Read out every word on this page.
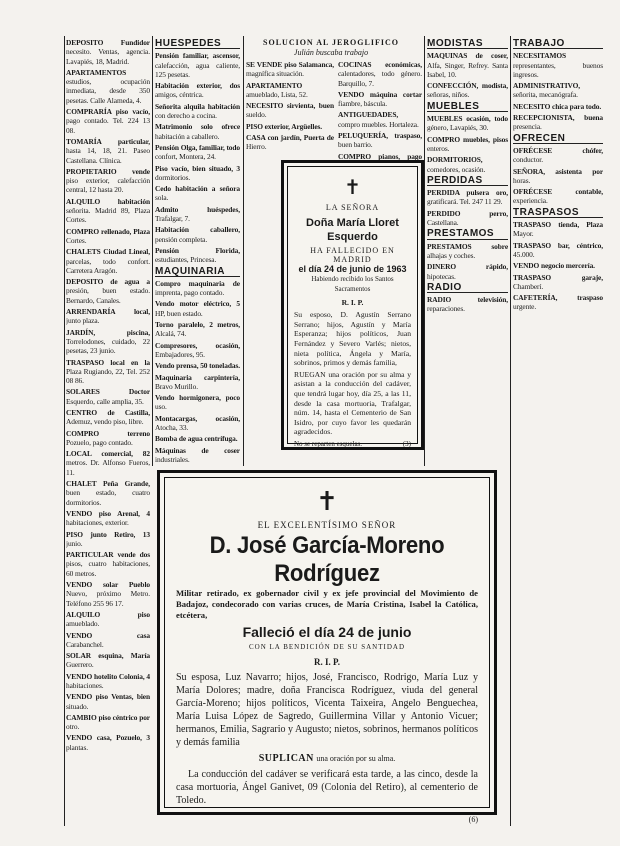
DEPOSITO Fundidor necesito. Ventas, agencia. Lavapiés, 18, Madrid.

APARTAMENTOS estudios, ocupación inmediata, desde 350 pesetas. Calle Alameda, 4.

COMPRARÍA piso vacío, pago contado. Tel. 224 13 08.

TOMARÍA particular, hasta 14, 18, 21. Paseo Castellana. Clínica.

PROPIETARIO vende piso exterior, calefacción central, 12 hasta 20.

ALQUILO habitación señorita. Madrid 89, Plaza Cortes.

COMPRO rellenado, Plaza Cortes.

CHALETS Ciudad Lineal, parcelas, todo confort. Carretera Aragón.

DEPOSITO de agua a presión, buen estado. Bernardo, Canales.

ARRENDARÍA local, junto plaza.

JARDÍN, piscina, Torrelodones, cuidado, 22 pesetas, 23 junio.

TRASPASO local en la Plaza Rugiando, 22, Tel. 252 08 86.

SOLARES Doctor Esquerdo, calle amplia, 35.

CENTRO de Castilla, Ademuz, vendo piso, libre.

COMPRO terreno Pozuelo, pago contado.

LOCAL comercial, 82 metros. Dr. Alfonso Fueros, 11.

CHALET Peña Grande, buen estado, cuatro dormitorios.

VENDO piso Arenal, 4 habitaciones, exterior.

PISO junto Retiro, 13 junio.

PARTICULAR vende dos pisos, cuatro habitaciones, 60 metros.

VENDO solar Pueblo Nuevo, próximo Metro. Teléfono 255 96 17.

ALQUILO piso amueblado.

VENDO casa Carabanchel.

SOLAR esquina, María Guerrero.

VENDO hotelito Colonia, 4 habitaciones.

VENDO piso Ventas, bien situado.

CAMBIO piso céntrico por otro.

VENDO casa, Pozuelo, 3 plantas.

HUESPEDES

Pensión familiar, ascensor, calefacción, agua caliente, 125 pesetas.

Habitación exterior, dos amigos, céntrica.

Señorita alquila habitación con derecho a cocina.

Matrimonio solo ofrece habitación a caballero.

Pensión Olga, familiar, todo confort, Montera, 24.

Piso vacío, bien situado, 3 dormitorios.

Cedo habitación a señora sola.

Admito huéspedes, Trafalgar, 7.

Habitación caballero, pensión completa.

Pensión Florida, estudiantes, Princesa.

MAQUINARIA

Compro maquinaria de imprenta, pago contado.

Vendo motor eléctrico, 5 HP, buen estado.

Torno paralelo, 2 metros, Alcalá, 74.

Compresores, ocasión, Embajadores, 95.

Vendo prensa, 50 toneladas.

Maquinaria carpintería, Bravo Murillo.

Vendo hormigonera, poco uso.

Montacargas, ocasión, Atocha, 33.

Bomba de agua centrífuga.

Máquinas de coser industriales.

SOLUCION AL JEROGLIFICO
Julián buscaba trabajo

SE VENDE piso Salamanca, magnífica situación.

APARTAMENTO amueblado, Lista, 52.

NECESITO sirvienta, buen sueldo.

PISO exterior, Argüelles.

CASA con jardín, Puerta de Hierro.

COCINAS económicas, calentadores, todo género. Barquillo, 7.

VENDO máquina cortar fiambre, báscula.

ANTIGUEDADES, compro muebles. Hortaleza.

PELUQUERÍA, traspaso, buen barrio.

COMPRO pianos, pago

MODISTAS

MAQUINAS de coser, Alfa, Singer, Refrey. Santa Isabel, 10.

CONFECCIÓN, modista, señoras, niños.

MUEBLES

MUEBLES ocasión, todo género, Lavapiés, 30.

COMPRO muebles, pisos enteros.

DORMITORIOS, comedores, ocasión.

PERDIDAS

PERDIDA pulsera oro, gratificará. Tel. 247 11 29.

PERDIDO perro, Castellana.

PRESTAMOS

PRESTAMOS sobre alhajas y coches.

DINERO rápido, hipotecas.

RADIO

RADIO televisión, reparaciones.

TRABAJO

NECESITAMOS representantes, buenos ingresos.

ADMINISTRATIVO, señorita, mecanógrafa.

NECESITO chica para todo.

RECEPCIONISTA, buena presencia.

OFRECEN

OFRÉCESE chófer, conductor.

SEÑORA, asistenta por horas.

OFRÉCESE contable, experiencia.

TRASPASOS

TRASPASO tienda, Plaza Mayor.

TRASPASO bar, céntrico, 45.000.

VENDO negocio mercería.

TRASPASO garaje, Chamberí.

CAFETERÍA, traspaso urgente.

✝
LA SEÑORA
Doña María Lloret Esquerdo
HA FALLECIDO EN MADRID
el día 24 de junio de 1963
Habiendo recibido los Santos Sacramentos
R. I. P.
Su esposo, D. Agustín Serrano Serrano; hijos, Agustín y María Esperanza; hijos políticos, Juan Fernández y Severo Varlés; nietos, nieta política, Ángela y María, sobrinos, primos y demás familia,
RUEGAN una oración por su alma y asistan a la conducción del cadáver, que tendrá lugar hoy, día 25, a las 11, desde la casa mortuoria, Trafalgar, núm. 14, hasta el Cementerio de San Isidro, por cuyo favor les quedarán agradecidos.
No se reparten esquelas.	(3)
✝
EL EXCELENTÍSIMO SEÑOR
D. José García-Moreno Rodríguez
Militar retirado, ex gobernador civil y ex jefe provincial del Movimiento de Badajoz, condecorado con varias cruces, de María Cristina, Isabel la Católica, etcétera,
Falleció el día 24 de junio
CON LA BENDICIÓN DE SU SANTIDAD
R. I. P.
Su esposa, Luz Navarro; hijos, José, Francisco, Rodrigo, María Luz y María Dolores; madre, doña Francisca Rodríguez, viuda del general García-Moreno; hijos políticos, Vicenta Taixeira, Angelo Benguechea, María Luisa López de Sagredo, Guillermina Villar y Antonio Vicuer; hermanos, Emilia, Sagrario y Augusto; nietos, sobrinos, hermanos políticos y demás familia
SUPLICAN una oración por su alma.
La conducción del cadáver se verificará esta tarde, a las cinco, desde la casa mortuoria, Ángel Ganivet, 09 (Colonia del Retiro), al cementerio de Toledo.
(6)
